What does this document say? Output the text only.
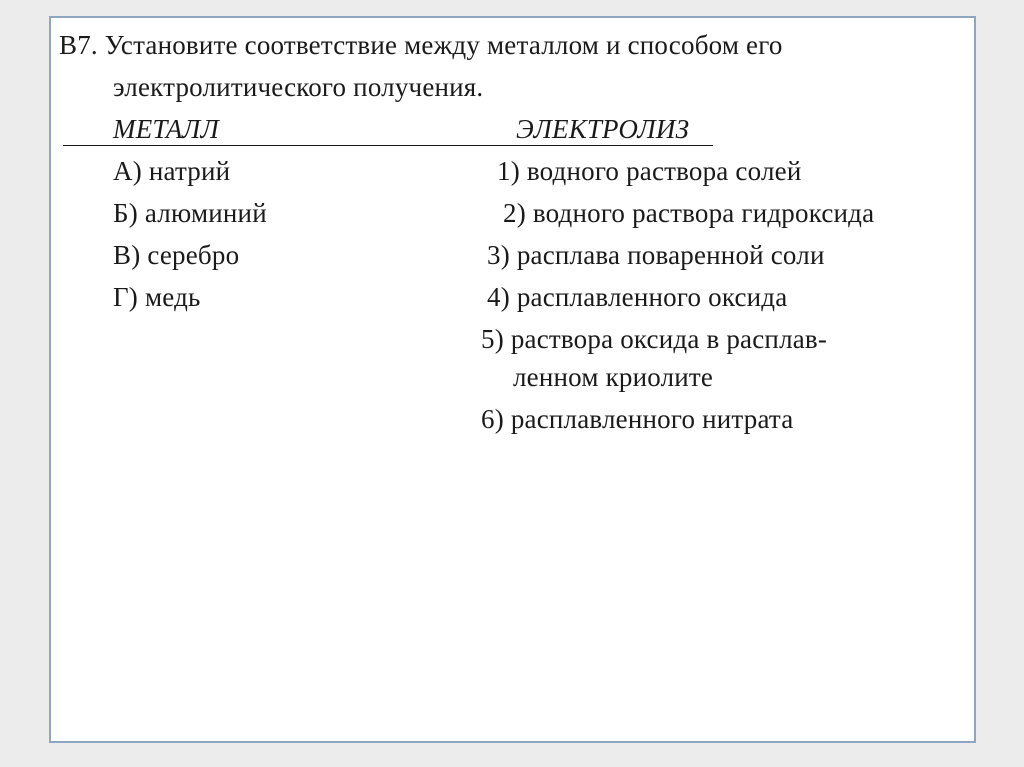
B7. Установите соответствие между металлом и способом его
электролитического получения.
МЕТАЛЛ	ЭЛЕКТРОЛИЗ
А) натрий
Б) алюминий
В) серебро
Г) медь
1) водного раствора солей
2) водного раствора гидроксида
3) расплава поваренной соли
4) расплавленного оксида
5) раствора оксида в расплав-
ленном криолите
6) расплавленного нитрата
